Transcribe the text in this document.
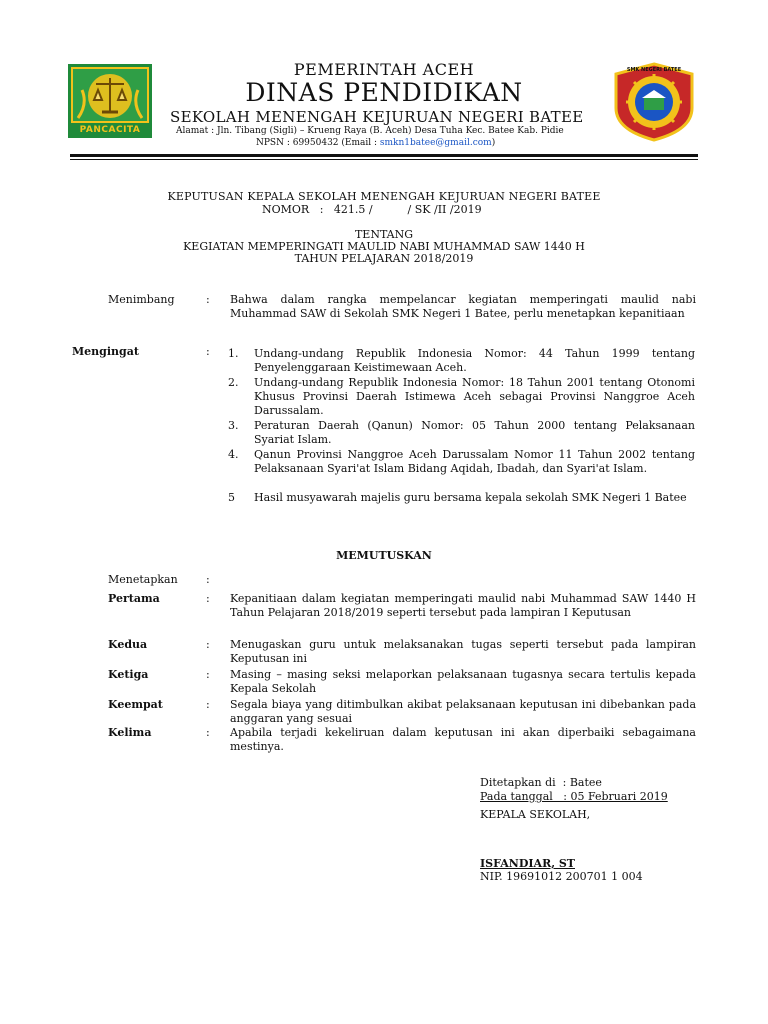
PANCACITA
SMK NEGERI BATEE
PEMERINTAH ACEH
DINAS PENDIDIKAN
SEKOLAH MENENGAH KEJURUAN NEGERI BATEE
Alamat : Jln. Tibang (Sigli) – Krueng Raya (B. Aceh) Desa Tuha Kec. Batee Kab. Pidie
NPSN : 69950432 (Email : smkn1batee@gmail.com)
KEPUTUSAN KEPALA SEKOLAH MENENGAH KEJURUAN NEGERI BATEE
NOMOR   :   421.5 /          / SK /II /2019
TENTANG
KEGIATAN MEMPERINGATI MAULID NABI MUHAMMAD SAW 1440 H
TAHUN PELAJARAN 2018/2019
Menimbang	: Bahwa dalam rangka mempelancar kegiatan memperingati maulid nabi Muhammad SAW di Sekolah SMK Negeri 1 Batee, perlu menetapkan kepanitiaan
Mengingat	: 1. Undang-undang Republik Indonesia Nomor: 44 Tahun 1999 tentang Penyelenggaraan Keistimewaan Aceh.
2. Undang-undang Republik Indonesia Nomor: 18 Tahun 2001 tentang Otonomi Khusus Provinsi Daerah Istimewa Aceh sebagai Provinsi Nanggroe Aceh Darussalam.
3. Peraturan Daerah (Qanun) Nomor: 05 Tahun 2000 tentang Pelaksanaan Syariat Islam.
4. Qanun Provinsi Nanggroe Aceh Darussalam Nomor 11 Tahun 2002 tentang Pelaksanaan Syari'at Islam Bidang Aqidah, Ibadah, dan Syari'at Islam.
5 Hasil musyawarah majelis guru bersama kepala sekolah SMK Negeri 1 Batee
MEMUTUSKAN
Menetapkan	:
Pertama	: Kepanitiaan dalam kegiatan memperingati maulid nabi Muhammad SAW 1440 H Tahun Pelajaran 2018/2019 seperti tersebut pada lampiran I Keputusan
Kedua	: Menugaskan guru untuk melaksanakan tugas seperti tersebut pada lampiran Keputusan ini
Ketiga	: Masing – masing seksi melaporkan pelaksanaan tugasnya secara tertulis kepada Kepala Sekolah
Keempat	: Segala biaya yang ditimbulkan akibat pelaksanaan keputusan ini dibebankan pada anggaran yang sesuai
Kelima	: Apabila terjadi kekeliruan dalam keputusan ini akan diperbaiki sebagaimana mestinya.
Ditetapkan di  : Batee
Pada tanggal   : 05 Februari 2019
KEPALA SEKOLAH,
ISFANDIAR, ST
NIP. 19691012 200701 1 004
